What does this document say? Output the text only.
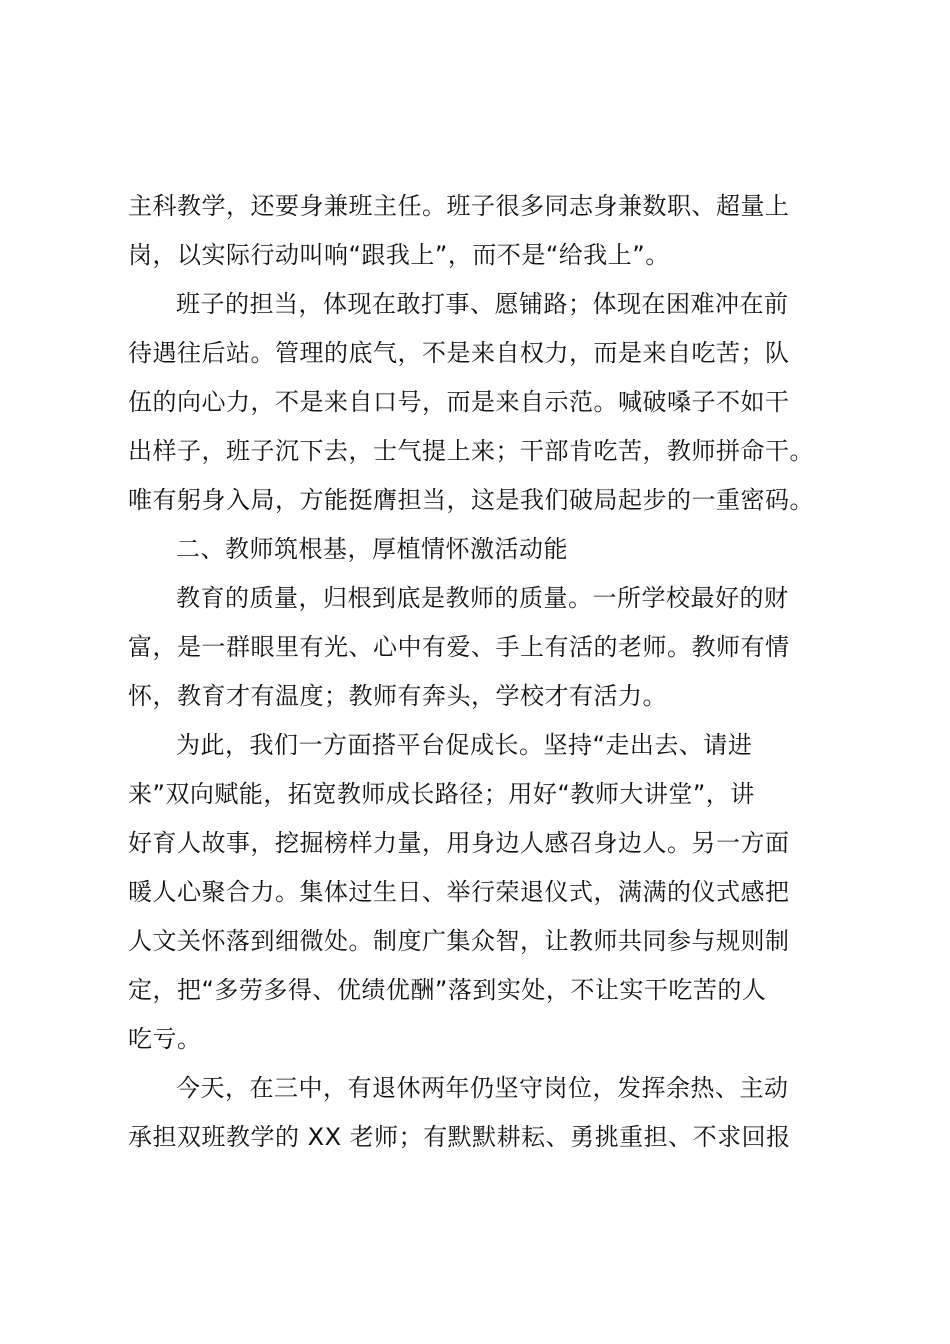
主科教学，还要身兼班主任。班子很多同志身兼数职、超量上
岗，以实际行动叫响“跟我上”，而不是“给我上”。
班子的担当，体现在敢打事、愿铺路；体现在困难冲在前
待遇往后站。管理的底气，不是来自权力，而是来自吃苦；队
伍的向心力，不是来自口号，而是来自示范。喊破嗓子不如干
出样子，班子沉下去，士气提上来；干部肯吃苦，教师拼命干。
唯有躬身入局，方能挺膺担当，这是我们破局起步的一重密码。
二、教师筑根基，厚植情怀激活动能
教育的质量，归根到底是教师的质量。一所学校最好的财
富，是一群眼里有光、心中有爱、手上有活的老师。教师有情
怀，教育才有温度；教师有奔头，学校才有活力。
为此，我们一方面搭平台促成长。坚持“走出去、请进
来”双向赋能，拓宽教师成长路径；用好“教师大讲堂”，讲
好育人故事，挖掘榜样力量，用身边人感召身边人。另一方面
暖人心聚合力。集体过生日、举行荣退仪式，满满的仪式感把
人文关怀落到细微处。制度广集众智，让教师共同参与规则制
定，把“多劳多得、优绩优酬”落到实处，不让实干吃苦的人
吃亏。
今天，在三中，有退休两年仍坚守岗位，发挥余热、主动
承担双班教学的 XX 老师；有默默耕耘、勇挑重担、不求回报
